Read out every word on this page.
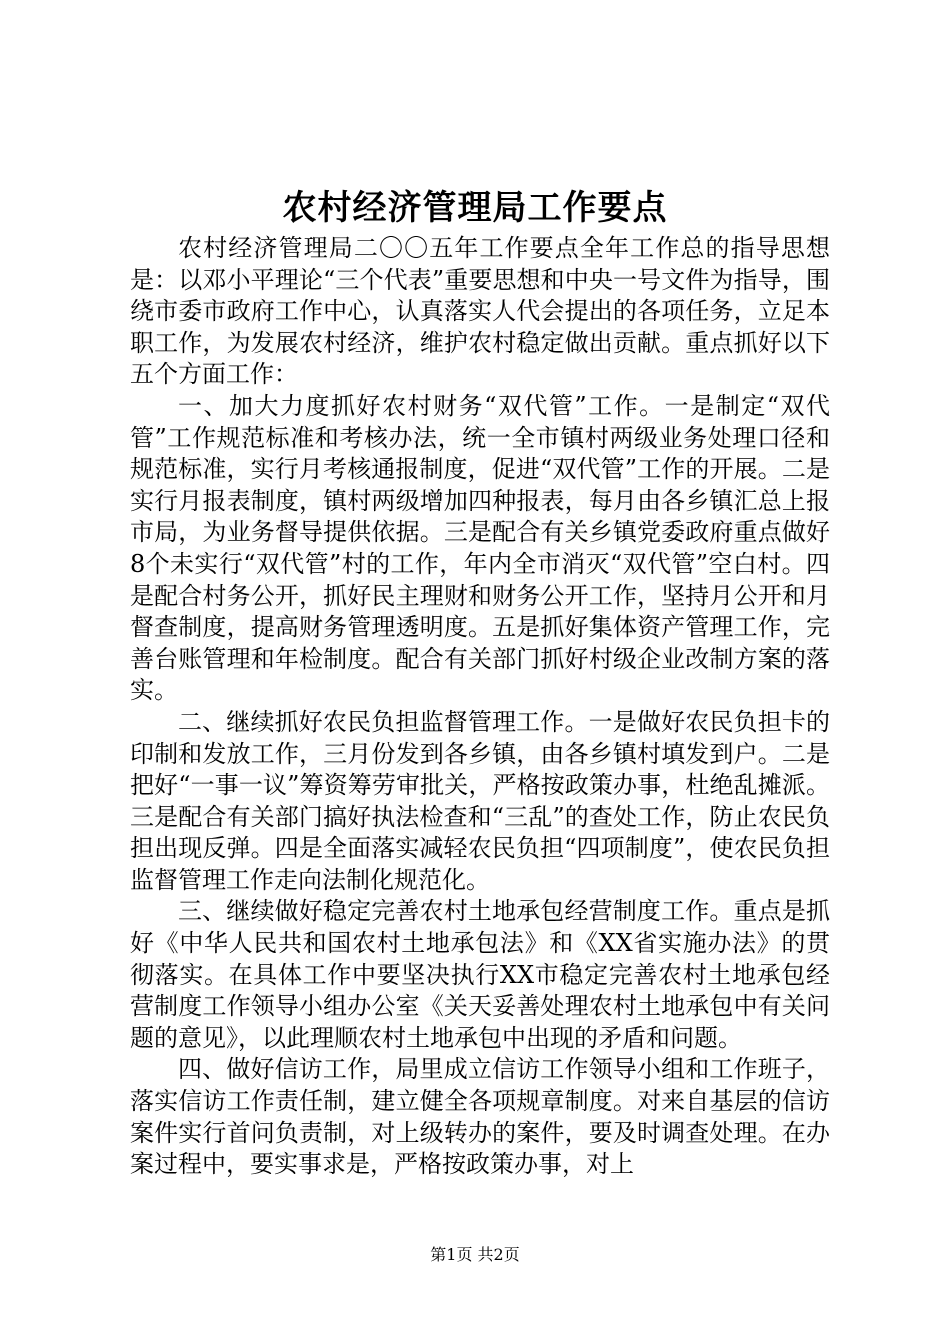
农村经济管理局工作要点

农村经济管理局二〇〇五年工作要点全年工作总的指导思想是：以邓小平理论“三个代表”重要思想和中央一号文件为指导，围绕市委市政府工作中心，认真落实人代会提出的各项任务，立足本职工作，为发展农村经济，维护农村稳定做出贡献。重点抓好以下五个方面工作：

一、加大力度抓好农村财务“双代管”工作。一是制定“双代管”工作规范标准和考核办法，统一全市镇村两级业务处理口径和规范标准，实行月考核通报制度，促进“双代管”工作的开展。二是实行月报表制度，镇村两级增加四种报表，每月由各乡镇汇总上报市局，为业务督导提供依据。三是配合有关乡镇党委政府重点做好8个未实行“双代管”村的工作，年内全市消灭“双代管”空白村。四是配合村务公开，抓好民主理财和财务公开工作，坚持月公开和月督查制度，提高财务管理透明度。五是抓好集体资产管理工作，完善台账管理和年检制度。配合有关部门抓好村级企业改制方案的落实。

二、继续抓好农民负担监督管理工作。一是做好农民负担卡的印制和发放工作，三月份发到各乡镇，由各乡镇村填发到户。二是把好“一事一议”筹资筹劳审批关，严格按政策办事，杜绝乱摊派。三是配合有关部门搞好执法检查和“三乱”的查处工作，防止农民负担出现反弹。四是全面落实减轻农民负担“四项制度”，使农民负担监督管理工作走向法制化规范化。

三、继续做好稳定完善农村土地承包经营制度工作。重点是抓好《中华人民共和国农村土地承包法》和《XX省实施办法》的贯彻落实。在具体工作中要坚决执行XX市稳定完善农村土地承包经营制度工作领导小组办公室《关天妥善处理农村土地承包中有关问题的意见》，以此理顺农村土地承包中出现的矛盾和问题。

四、做好信访工作，局里成立信访工作领导小组和工作班子，落实信访工作责任制，建立健全各项规章制度。对来自基层的信访案件实行首问负责制，对上级转办的案件，要及时调查处理。在办案过程中，要实事求是，严格按政策办事，对上

第1页 共2页
